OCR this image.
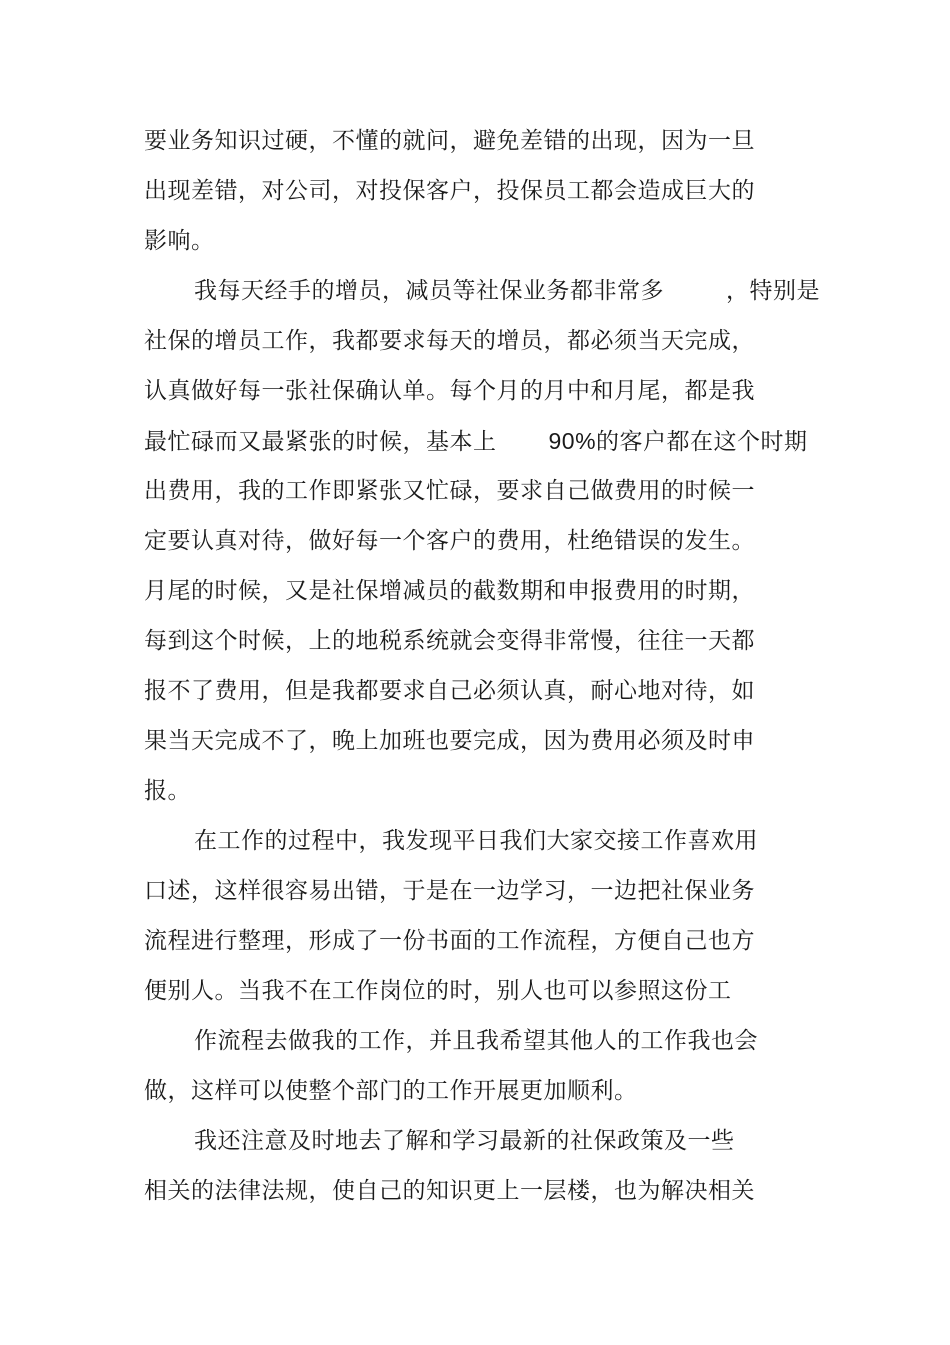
要业务知识过硬，不懂的就问，避免差错的出现，因为一旦
出现差错，对公司，对投保客户，投保员工都会造成巨大的
影响。
我每天经手的增员，减员等社保业务都非常多	，特别是
社保的增员工作，我都要求每天的增员，都必须当天完成，
认真做好每一张社保确认单。每个月的月中和月尾，都是我
最忙碌而又最紧张的时候，基本上 90%的客户都在这个时期
出费用，我的工作即紧张又忙碌，要求自己做费用的时候一
定要认真对待，做好每一个客户的费用，杜绝错误的发生。
月尾的时候，又是社保增减员的截数期和申报费用的时期，
每到这个时候，上的地税系统就会变得非常慢，往往一天都
报不了费用，但是我都要求自己必须认真，耐心地对待，如
果当天完成不了，晚上加班也要完成，因为费用必须及时申
报。
在工作的过程中，我发现平日我们大家交接工作喜欢用
口述，这样很容易出错，于是在一边学习，一边把社保业务
流程进行整理，形成了一份书面的工作流程，方便自己也方
便别人。当我不在工作岗位的时，别人也可以参照这份工
作流程去做我的工作，并且我希望其他人的工作我也会
做，这样可以使整个部门的工作开展更加顺利。
我还注意及时地去了解和学习最新的社保政策及一些
相关的法律法规，使自己的知识更上一层楼，也为解决相关
